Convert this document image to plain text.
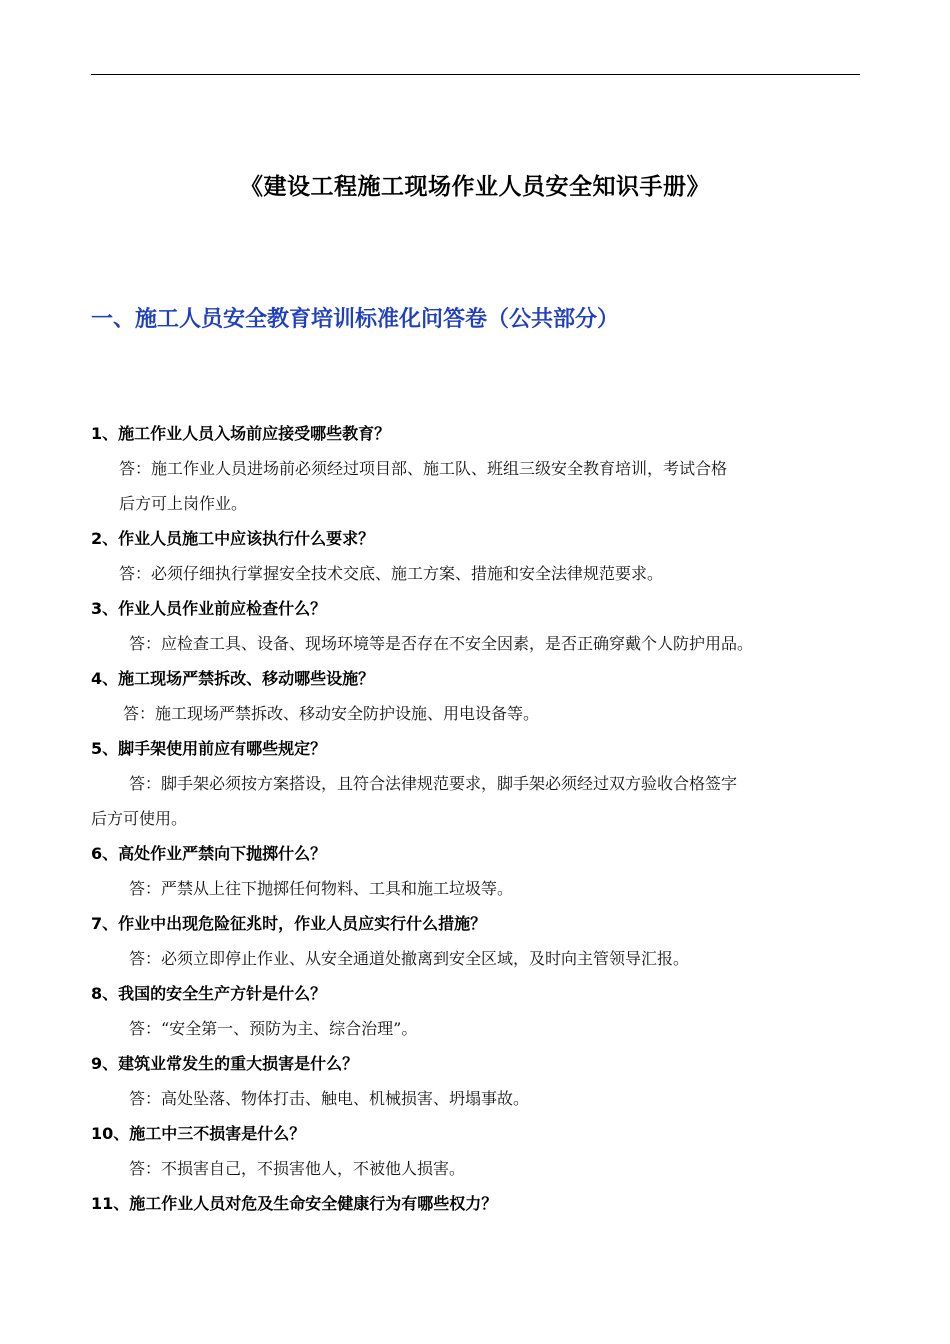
《建设工程施工现场作业人员安全知识手册》
一、施工人员安全教育培训标准化问答卷（公共部分）
1、施工作业人员入场前应接受哪些教育？
答：施工作业人员进场前必须经过项目部、施工队、班组三级安全教育培训，考试合格
后方可上岗作业。
2、作业人员施工中应该执行什么要求？
答：必须仔细执行掌握安全技术交底、施工方案、措施和安全法律规范要求。
3、作业人员作业前应检查什么？
答：应检查工具、设备、现场环境等是否存在不安全因素，是否正确穿戴个人防护用品。
4、施工现场严禁拆改、移动哪些设施？
答：施工现场严禁拆改、移动安全防护设施、用电设备等。
5、脚手架使用前应有哪些规定？
答：脚手架必须按方案搭设，且符合法律规范要求，脚手架必须经过双方验收合格签字
后方可使用。
6、高处作业严禁向下抛掷什么？
答：严禁从上往下抛掷任何物料、工具和施工垃圾等。
7、作业中出现危险征兆时，作业人员应实行什么措施？
答：必须立即停止作业、从安全通道处撤离到安全区域，及时向主管领导汇报。
8、我国的安全生产方针是什么？
答：“安全第一、预防为主、综合治理”。
9、建筑业常发生的重大损害是什么？
答：高处坠落、物体打击、触电、机械损害、坍塌事故。
10、施工中三不损害是什么？
答：不损害自己，不损害他人，不被他人损害。
11、施工作业人员对危及生命安全健康行为有哪些权力？
